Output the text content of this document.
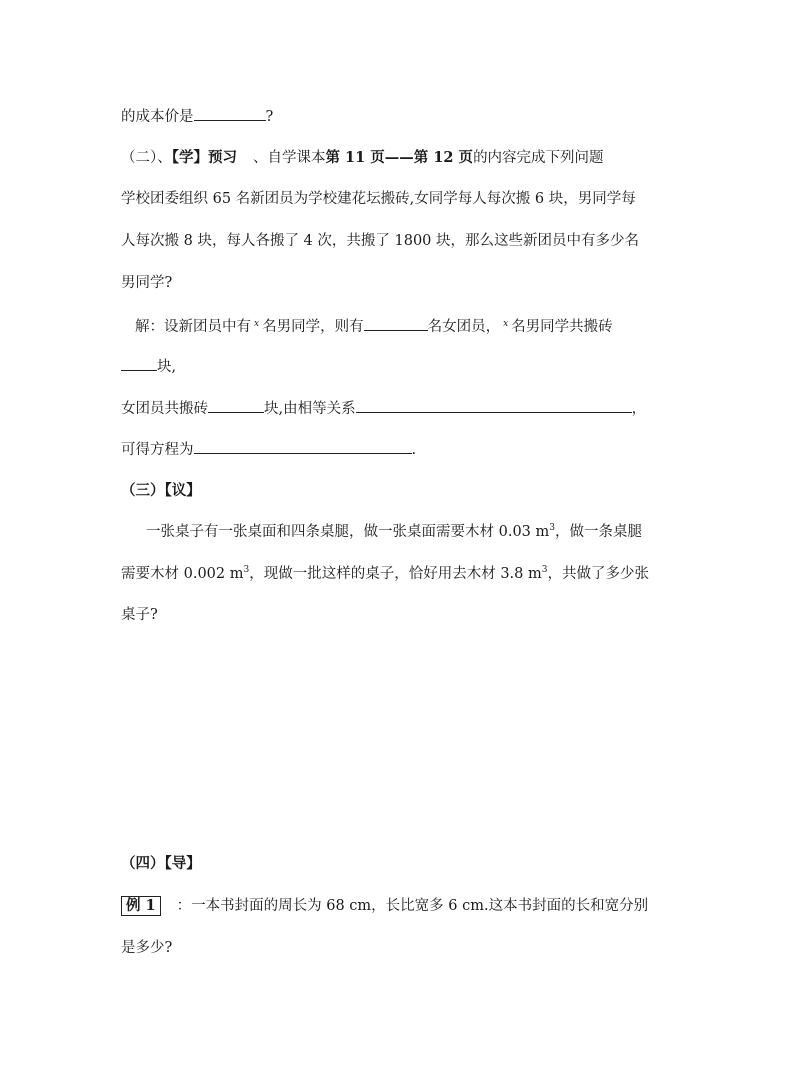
的成本价是	?
（二）、【学】预习 、自学课本第 11 页——第 12 页的内容完成下列问题
学校团委组织 65 名新团员为学校建花坛搬砖,女同学每人每次搬 6 块，男同学每
人每次搬 8 块，每人各搬了 4 次，共搬了 1800 块，那么这些新团员中有多少名
男同学?
解：设新团员中有 $^x$ 名男同学，则有	名女团员， $^x$ 名男同学共搬砖
块,
女团员共搬砖	块,由相等关系	，
可得方程为	.
（三）【议】
一张桌子有一张桌面和四条桌腿，做一张桌面需要木材 0.03 $m^3$，做一条桌腿
需要木材 0.002 $m^3$，现做一批这样的桌子，恰好用去木材 3.8 $m^3$，共做了多少张
桌子?
（四）【导】
例 1 ：一本书封面的周长为 68 cm，长比宽多 6 cm.这本书封面的长和宽分别
是多少?
